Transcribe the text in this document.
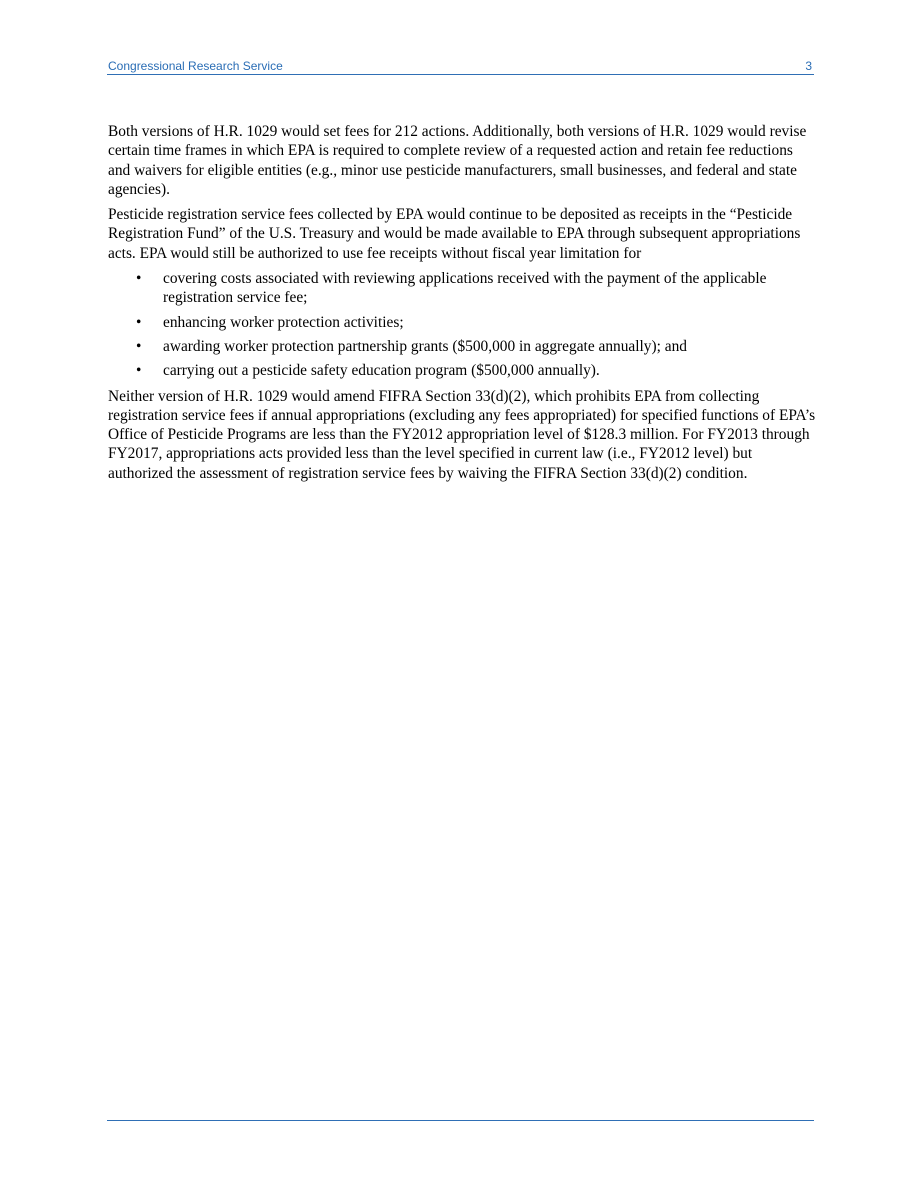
Congressional Research Service	3

Both versions of H.R. 1029 would set fees for 212 actions. Additionally, both versions of H.R. 1029 would revise certain time frames in which EPA is required to complete review of a requested action and retain fee reductions and waivers for eligible entities (e.g., minor use pesticide manufacturers, small businesses, and federal and state agencies).

Pesticide registration service fees collected by EPA would continue to be deposited as receipts in the “Pesticide Registration Fund” of the U.S. Treasury and would be made available to EPA through subsequent appropriations acts. EPA would still be authorized to use fee receipts without fiscal year limitation for

• covering costs associated with reviewing applications received with the payment of the applicable registration service fee;
• enhancing worker protection activities;
• awarding worker protection partnership grants ($500,000 in aggregate annually); and
• carrying out a pesticide safety education program ($500,000 annually).

Neither version of H.R. 1029 would amend FIFRA Section 33(d)(2), which prohibits EPA from collecting registration service fees if annual appropriations (excluding any fees appropriated) for specified functions of EPA’s Office of Pesticide Programs are less than the FY2012 appropriation level of $128.3 million. For FY2013 through FY2017, appropriations acts provided less than the level specified in current law (i.e., FY2012 level) but authorized the assessment of registration service fees by waiving the FIFRA Section 33(d)(2) condition.
